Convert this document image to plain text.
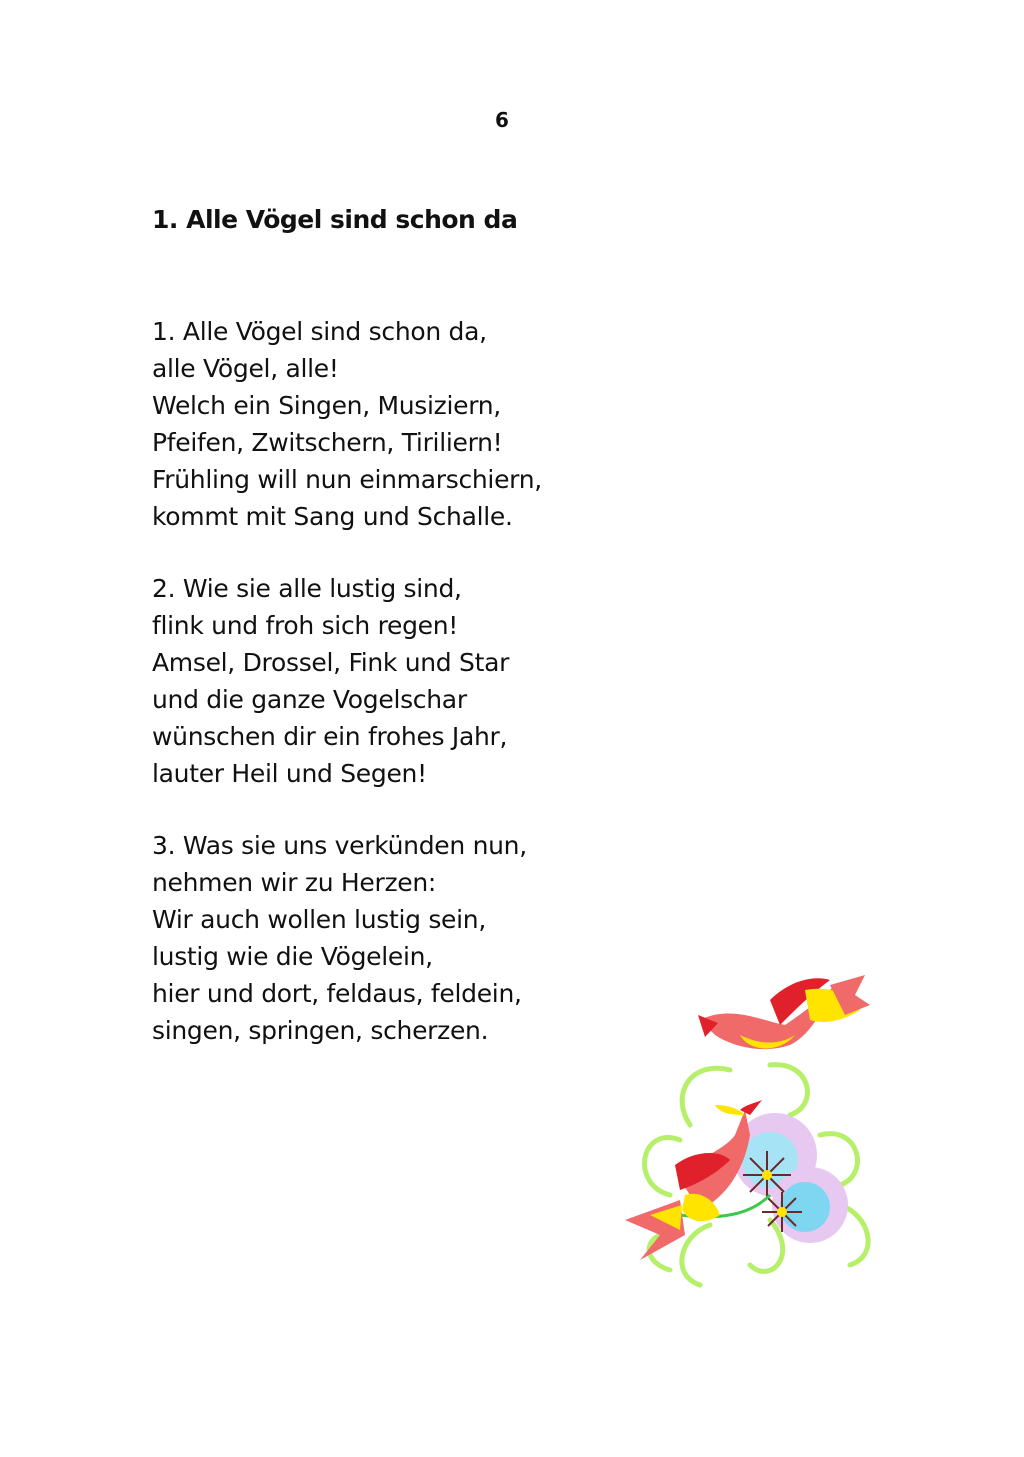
6
1. Alle Vögel sind schon da
1. Alle Vögel sind schon da,
alle Vögel, alle!
Welch ein Singen, Musiziern,
Pfeifen, Zwitschern, Tiriliern!
Frühling will nun einmarschiern,
kommt mit Sang und Schalle.
2. Wie sie alle lustig sind,
flink und froh sich regen!
Amsel, Drossel, Fink und Star
und die ganze Vogelschar
wünschen dir ein frohes Jahr,
lauter Heil und Segen!
3. Was sie uns verkünden nun,
nehmen wir zu Herzen:
Wir auch wollen lustig sein,
lustig wie die Vögelein,
hier und dort, feldaus, feldein,
singen, springen, scherzen.
